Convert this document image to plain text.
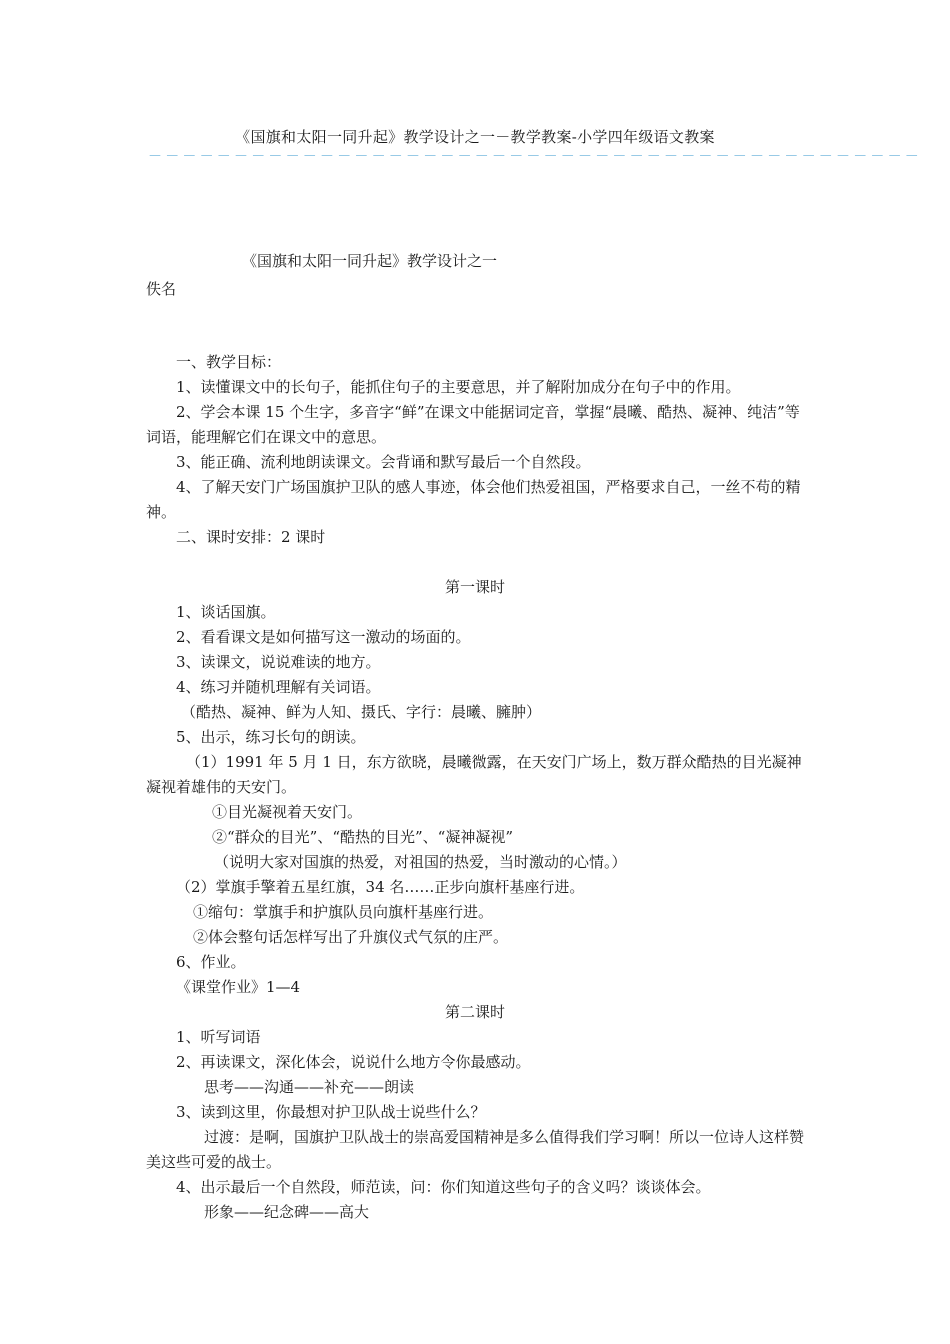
《国旗和太阳一同升起》教学设计之一－教学教案-小学四年级语文教案
－－－－－－－－－－－－－－－－－－－－－－－－－－－－－－－－－－－－－－－－－－－－－
《国旗和太阳一同升起》教学设计之一
佚名
一、教学目标：
1、读懂课文中的长句子，能抓住句子的主要意思，并了解附加成分在句子中的作用。
2、学会本课 15 个生字，多音字“鲜”在课文中能据词定音，掌握“晨曦、酷热、凝神、纯洁”等词语，能理解它们在课文中的意思。
3、能正确、流利地朗读课文。会背诵和默写最后一个自然段。
4、了解天安门广场国旗护卫队的感人事迹，体会他们热爱祖国，严格要求自己，一丝不苟的精神。
二、课时安排：2 课时
第一课时
1、谈话国旗。
2、看看课文是如何描写这一激动的场面的。
3、读课文，说说难读的地方。
4、练习并随机理解有关词语。
（酷热、凝神、鲜为人知、摄氏、字行：晨曦、臃肿）
5、出示，练习长句的朗读。
（1）1991 年 5 月 1 日，东方欲晓，晨曦微露，在天安门广场上，数万群众酷热的目光凝神凝视着雄伟的天安门。
①目光凝视着天安门。
②“群众的目光”、“酷热的目光”、“凝神凝视”
（说明大家对国旗的热爱，对祖国的热爱，当时激动的心情。）
（2）掌旗手擎着五星红旗，34 名……正步向旗杆基座行进。
①缩句：掌旗手和护旗队员向旗杆基座行进。
②体会整句话怎样写出了升旗仪式气氛的庄严。
6、作业。
《课堂作业》1—4
第二课时
1、听写词语
2、再读课文，深化体会，说说什么地方令你最感动。
思考——沟通——补充——朗读
3、读到这里，你最想对护卫队战士说些什么？
过渡：是啊，国旗护卫队战士的崇高爱国精神是多么值得我们学习啊！所以一位诗人这样赞美这些可爱的战士。
4、出示最后一个自然段，师范读，问：你们知道这些句子的含义吗？谈谈体会。
形象——纪念碑——高大
